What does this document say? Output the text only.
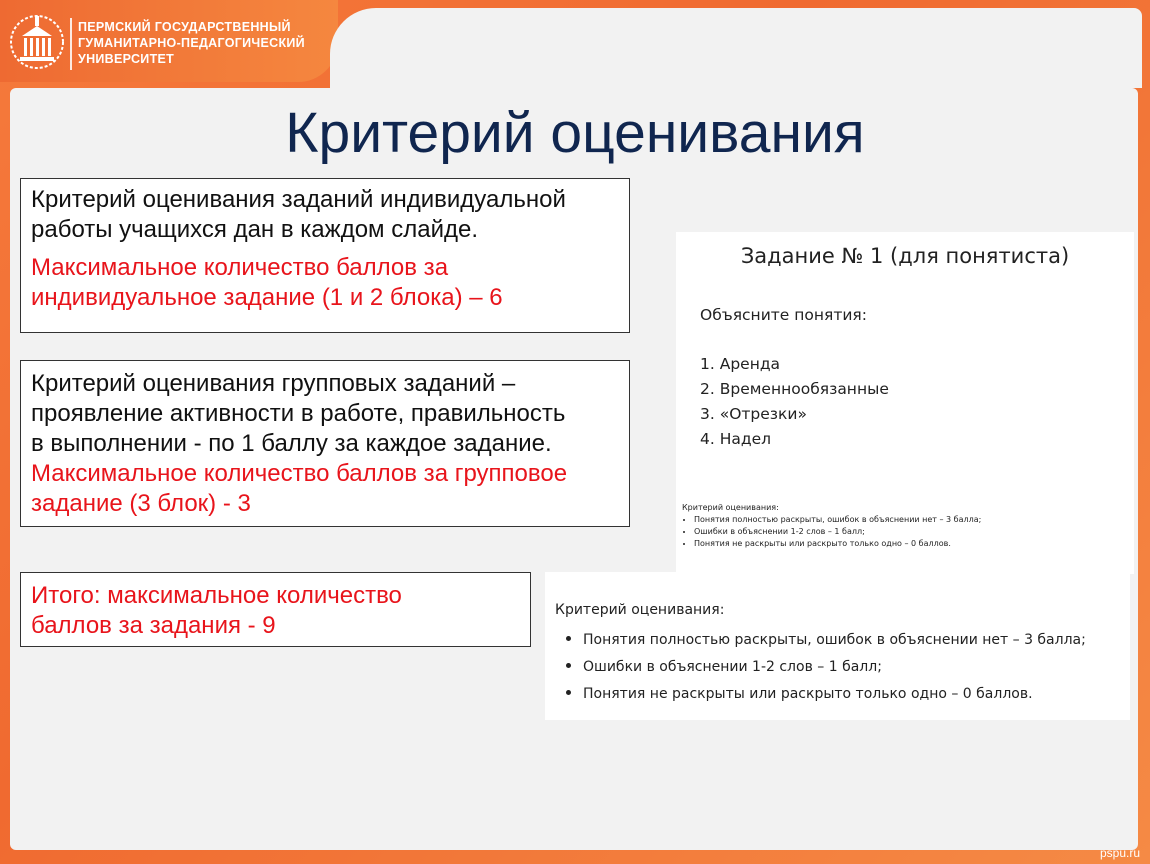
ПЕРМСКИЙ ГОСУДАРСТВЕННЫЙ
ГУМАНИТАРНО-ПЕДАГОГИЧЕСКИЙ
УНИВЕРСИТЕТ
Критерий оценивания

Критерий оценивания заданий индивидуальной

работы учащихся дан в каждом слайде.

Максимальное количество баллов за

индивидуальное задание (1 и 2 блока) – 6

Критерий оценивания групповых заданий –

проявление активности в работе, правильность

в выполнении - по 1 баллу за каждое задание.

Максимальное количество баллов за групповое

задание (3 блок) - 3

Итого: максимальное количество

баллов за задания - 9

Задание № 1 (для понятиста)
Объясните понятия:
1. Аренда
2. Временнообязанные
3. «Отрезки»
4. Надел
Критерий оценивания:
• Понятия полностью раскрыты, ошибок в объяснении нет – 3 балла;
• Ошибки в объяснении 1-2 слов – 1 балл;
• Понятия не раскрыты или раскрыто только одно – 0 баллов.
Критерий оценивания:
• Понятия полностью раскрыты, ошибок в объяснении нет – 3 балла;
• Ошибки в объяснении 1-2 слов – 1 балл;
• Понятия не раскрыты или раскрыто только одно – 0 баллов.
pspu.ru
